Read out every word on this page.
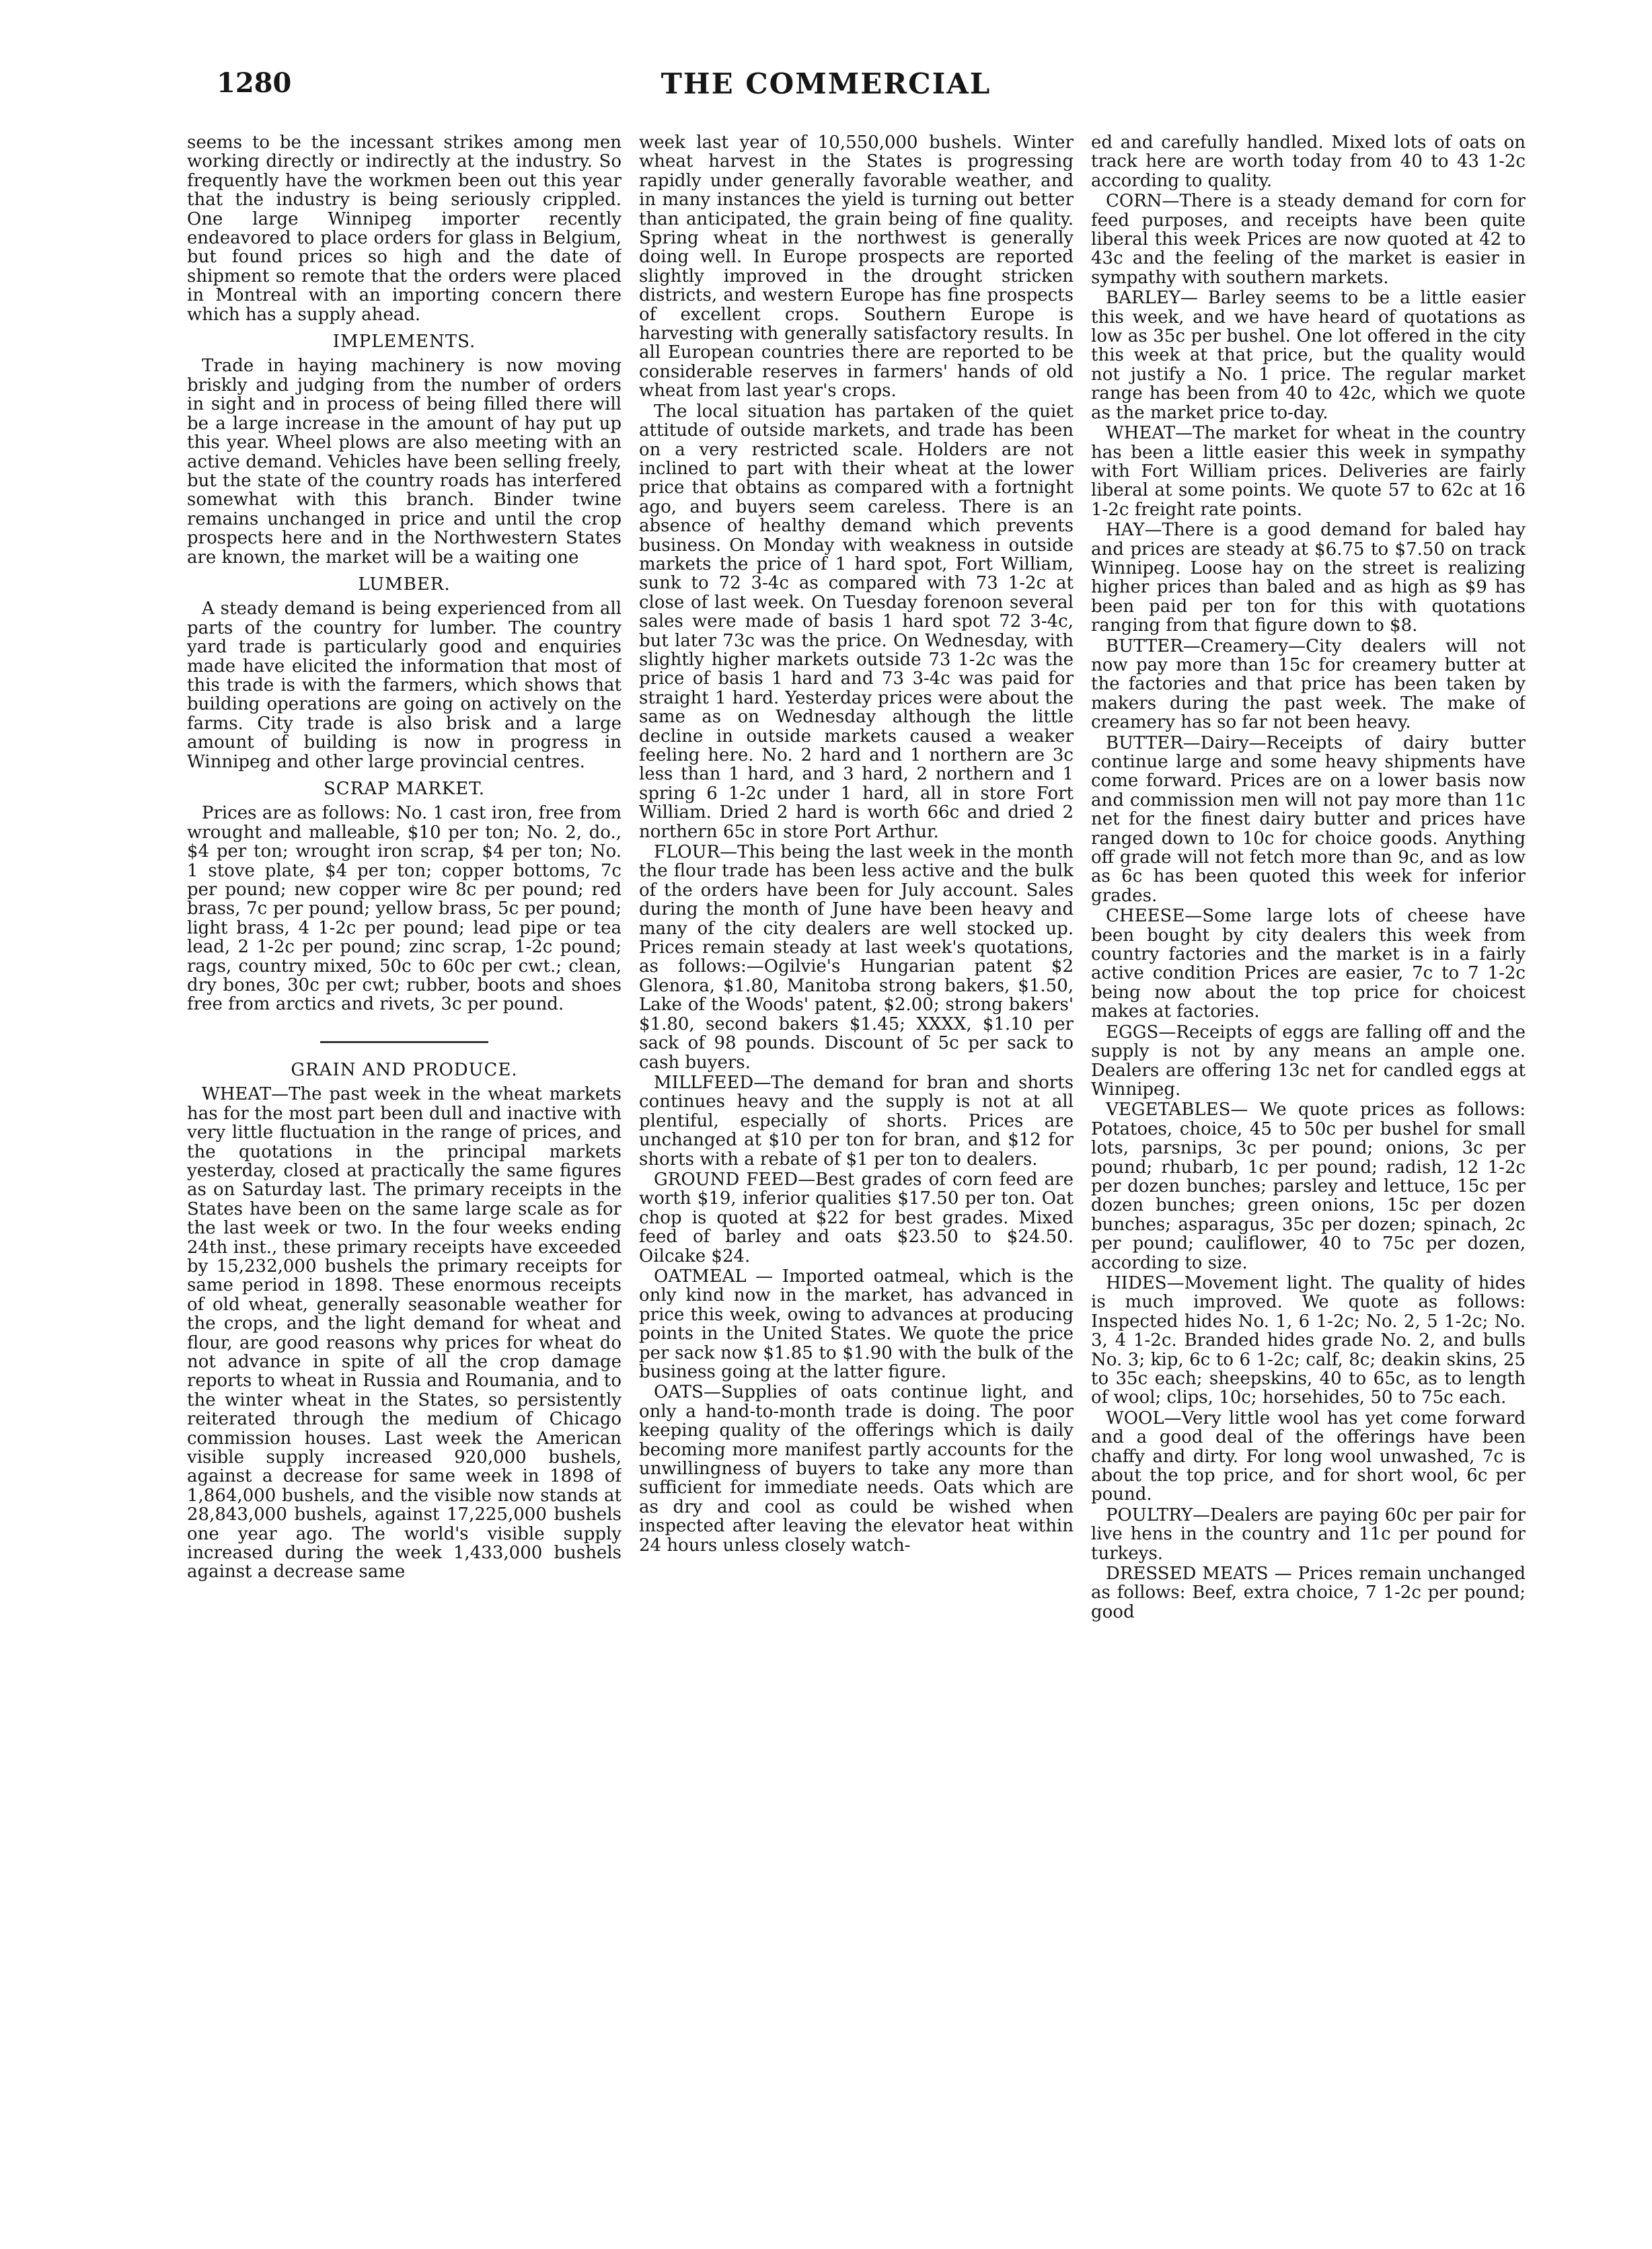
1280	THE COMMERCIAL

seems to be the incessant strikes among men working directly or indirectly at the industry. So frequently have the workmen been out this year that the industry is being seriously crippled. One large Winnipeg importer recently endeavored to place orders for glass in Belgium, but found prices so high and the date of shipment so remote that the orders were placed in Montreal with an importing concern there which has a supply ahead.

IMPLEMENTS.

Trade in haying machinery is now moving briskly and judging from the number of orders in sight and in process of being filled there will be a large increase in the amount of hay put up this year. Wheel plows are also meeting with an active demand. Vehicles have been selling freely, but the state of the country roads has interfered somewhat with this branch. Binder twine remains unchanged in price and until the crop prospects here and in the Northwestern States are known, the market will be a waiting one

LUMBER.

A steady demand is being experienced from all parts of the country for lumber. The country yard trade is particularly good and enquiries made have elicited the information that most of this trade is with the farmers, which shows that building operations are going on actively on the farms. City trade is also brisk and a large amount of building is now in progress in Winnipeg and other large provincial centres.

SCRAP MARKET.

Prices are as follows: No. 1 cast iron, free from wrought and malleable, $10 per ton; No. 2, do., $4 per ton; wrought iron scrap, $4 per ton; No. 1 stove plate, $4 per ton; copper bottoms, 7c per pound; new copper wire 8c per pound; red brass, 7c per pound; yellow brass, 5c per pound; light brass, 4 1-2c per pound; lead pipe or tea lead, 2 1-2c per pound; zinc scrap, 1-2c pound; rags, country mixed, 50c to 60c per cwt.; clean, dry bones, 30c per cwt; rubber, boots and shoes free from arctics and rivets, 3c per pound.

GRAIN AND PRODUCE.

WHEAT—The past week in the wheat markets has for the most part been dull and inactive with very little fluctuation in the range of prices, and the quotations in the principal markets yesterday, closed at practically the same figures as on Saturday last. The primary receipts in the States have been on the same large scale as for the last week or two. In the four weeks ending 24th inst., these primary receipts have exceeded by 15,232,000 bushels the primary receipts for same period in 1898. These enormous receipts of old wheat, generally seasonable weather for the crops, and the light demand for wheat and flour, are good reasons why prices for wheat do not advance in spite of all the crop damage reports to wheat in Russia and Roumania, and to the winter wheat in the States, so persistently reiterated through the medium of Chicago commission houses. Last week the American visible supply increased 920,000 bushels, against a decrease for same week in 1898 of 1,864,000 bushels, and the visible now stands at 28,843,000 bushels, against 17,225,000 bushels one year ago. The world's visible supply increased during the week 1,433,000 bushels against a decrease same

week last year of 10,550,000 bushels. Winter wheat harvest in the States is progressing rapidly under generally favorable weather, and in many instances the yield is turning out better than anticipated, the grain being of fine quality. Spring wheat in the northwest is generally doing well. In Europe prospects are reported slightly improved in the drought stricken districts, and western Europe has fine prospects of excellent crops. Southern Europe is harvesting with generally satisfactory results. In all European countries there are reported to be considerable reserves in farmers' hands of old wheat from last year's crops.

The local situation has partaken of the quiet attitude of outside markets, and trade has been on a very restricted scale. Holders are not inclined to part with their wheat at the lower price that obtains as compared with a fortnight ago, and buyers seem careless. There is an absence of healthy demand which prevents business. On Monday with weakness in outside markets the price of 1 hard spot, Fort William, sunk to 72 3-4c as compared with 73 1-2c at close of last week. On Tuesday forenoon several sales were made of basis 1 hard spot 72 3-4c, but later 73c was the price. On Wednesday, with slightly higher markets outside 73 1-2c was the price of basis 1 hard and 73 3-4c was paid for straight 1 hard. Yesterday prices were about the same as on Wednesday although the little decline in outside markets caused a weaker feeling here. No. 2 hard and 1 northern are 3c less than 1 hard, and 3 hard, 2 northern and 1 spring 6 1-2c under 1 hard, all in store Fort William. Dried 2 hard is worth 66c and dried 2 northern 65c in store Port Arthur.

FLOUR—This being the last week in the month the flour trade has been less active and the bulk of the orders have been for July account. Sales during the month of June have been heavy and many of the city dealers are well stocked up. Prices remain steady at last week's quotations, as follows:—Ogilvie's Hungarian patent $2 Glenora, $1.80, Manitoba strong bakers, $1.50, Lake of the Woods' patent, $2.00; strong bakers' $1.80, second bakers $1.45; XXXX, $1.10 per sack of 98 pounds. Discount of 5c per sack to cash buyers.

MILLFEED—The demand for bran and shorts continues heavy and the supply is not at all plentiful, especially of shorts. Prices are unchanged at $10 per ton for bran, and $12 for shorts with a rebate of $1 per ton to dealers.

GROUND FEED—Best grades of corn feed are worth $19, inferior qualities $17.50 per ton. Oat chop is quoted at $22 for best grades. Mixed feed of barley and oats $23.50 to $24.50. Oilcake $24.

OATMEAL — Imported oatmeal, which is the only kind now in the market, has advanced in price this week, owing to advances at producing points in the United States. We quote the price per sack now $1.85 to $1.90 with the bulk of the business going at the latter figure.

OATS—Supplies of oats continue light, and only a hand-to-month trade is doing. The poor keeping quality of the offerings which is daily becoming more manifest partly accounts for the unwillingness of buyers to take any more than sufficient for immediate needs. Oats which are as dry and cool as could be wished when inspected after leaving the elevator heat within 24 hours unless closely watch-

ed and carefully handled. Mixed lots of oats on track here are worth today from 40 to 43 1-2c according to quality.

CORN—There is a steady demand for corn for feed purposes, and receipts have been quite liberal this week Prices are now quoted at 42 to 43c and the feeling of the market is easier in sympathy with southern markets.

BARLEY— Barley seems to be a little easier this week, and we have heard of quotations as low as 35c per bushel. One lot offered in the city this week at that price, but the quality would not justify a No. 1 price. The regular market range has been from 40 to 42c, which we quote as the market price to-day.

WHEAT—The market for wheat in the country has been a little easier this week in sympathy with Fort William prices. Deliveries are fairly liberal at some points. We quote 57 to 62c at 16 1-2c freight rate points.

HAY—There is a good demand for baled hay and prices are steady at $6.75 to $7.50 on track Winnipeg. Loose hay on the street is realizing higher prices than baled and as high as $9 has been paid per ton for this with quotations ranging from that figure down to $8.

BUTTER—Creamery—City dealers will not now pay more than 15c for creamery butter at the factories and that price has been taken by makers during the past week. The make of creamery has so far not been heavy.

BUTTER—Dairy—Receipts of dairy butter continue large and some heavy shipments have come forward. Prices are on a lower basis now and commission men will not pay more than 11c net for the finest dairy butter and prices have ranged down to 10c for choice goods. Anything off grade will not fetch more than 9c, and as low as 6c has been quoted this week for inferior grades.

CHEESE—Some large lots of cheese have been bought by city dealers this week from country factories and the market is in a fairly active condition Prices are easier, 7c to 7 1-2c being now about the top price for choicest makes at factories.

EGGS—Receipts of eggs are falling off and the supply is not by any means an ample one. Dealers are offering 13c net for candled eggs at Winnipeg.

VEGETABLES— We quote prices as follows: Potatoes, choice, 45 to 50c per bushel for small lots, parsnips, 3c per pound; onions, 3c per pound; rhubarb, 1c per pound; radish, 12 1-2c per dozen bunches; parsley and lettuce, 15c per dozen bunches; green onions, 15c per dozen bunches; asparagus, 35c per dozen; spinach, 2c per pound; cauliflower, 40 to 75c per dozen, according to size.

HIDES—Movement light. The quality of hides is much improved. We quote as follows: Inspected hides No. 1, 6 1-2c; No. 2, 5 1-2c; No. 3, 4 1-2c. Branded hides grade No. 2, and bulls No. 3; kip, 6c to 6 1-2c; calf, 8c; deakin skins, 25 to 35c each; sheepskins, 40 to 65c, as to length of wool; clips, 10c; horsehides, 50 to 75c each.

WOOL—Very little wool has yet come forward and a good deal of the offerings have been chaffy and dirty. For long wool unwashed, 7c is about the top price, and for short wool, 6c per pound.

POULTRY—Dealers are paying 60c per pair for live hens in the country and 11c per pound for turkeys.

DRESSED MEATS — Prices remain unchanged as follows: Beef, extra choice, 7 1-2c per pound; good
